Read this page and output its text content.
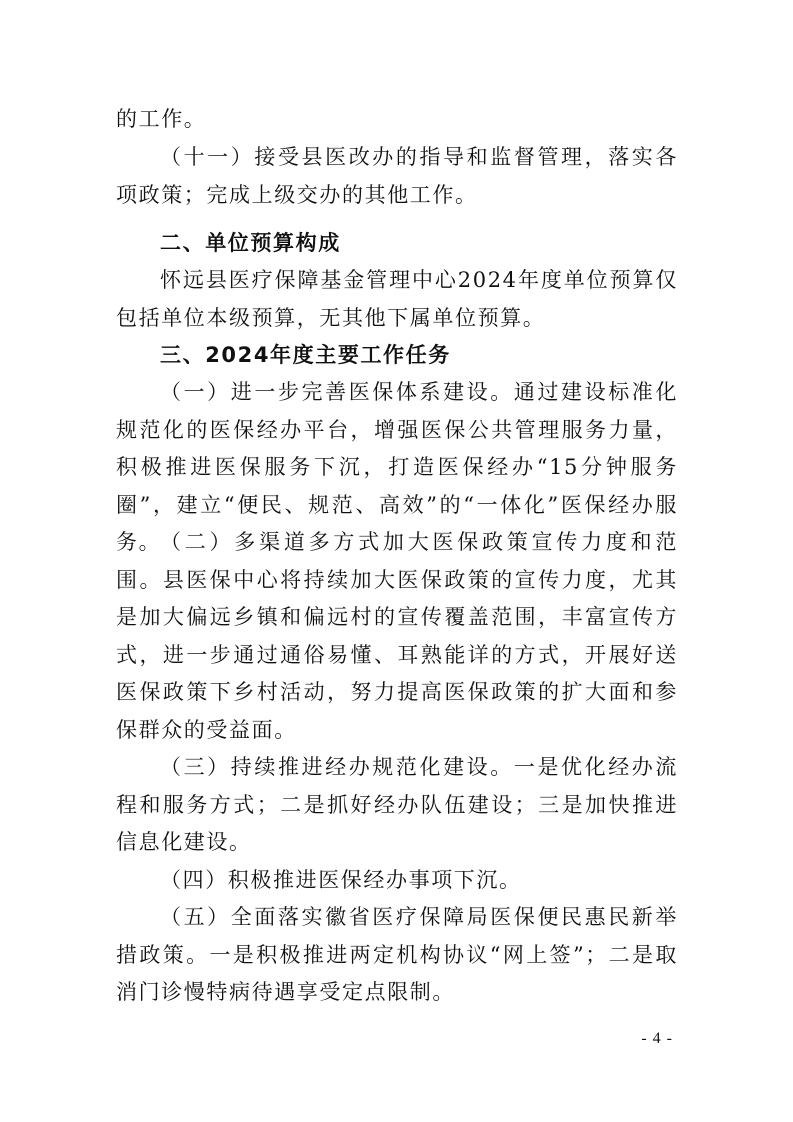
的工作。

（十一）接受县医改办的指导和监督管理，落实各项政策；完成上级交办的其他工作。

二、单位预算构成

怀远县医疗保障基金管理中心2024年度单位预算仅包括单位本级预算，无其他下属单位预算。

三、2024年度主要工作任务

（一）进一步完善医保体系建设。通过建设标准化规范化的医保经办平台，增强医保公共管理服务力量，积极推进医保服务下沉，打造医保经办“15分钟服务圈”，建立“便民、规范、高效”的“一体化”医保经办服务。

（二）多渠道多方式加大医保政策宣传力度和范围。县医保中心将持续加大医保政策的宣传力度，尤其是加大偏远乡镇和偏远村的宣传覆盖范围，丰富宣传方式，进一步通过通俗易懂、耳熟能详的方式，开展好送医保政策下乡村活动，努力提高医保政策的扩大面和参保群众的受益面。

（三）持续推进经办规范化建设。一是优化经办流程和服务方式；二是抓好经办队伍建设；三是加快推进信息化建设。

（四）积极推进医保经办事项下沉。

（五）全面落实徽省医疗保障局医保便民惠民新举措政策。一是积极推进两定机构协议“网上签”；二是取消门诊慢特病待遇享受定点限制。

- 4 -
